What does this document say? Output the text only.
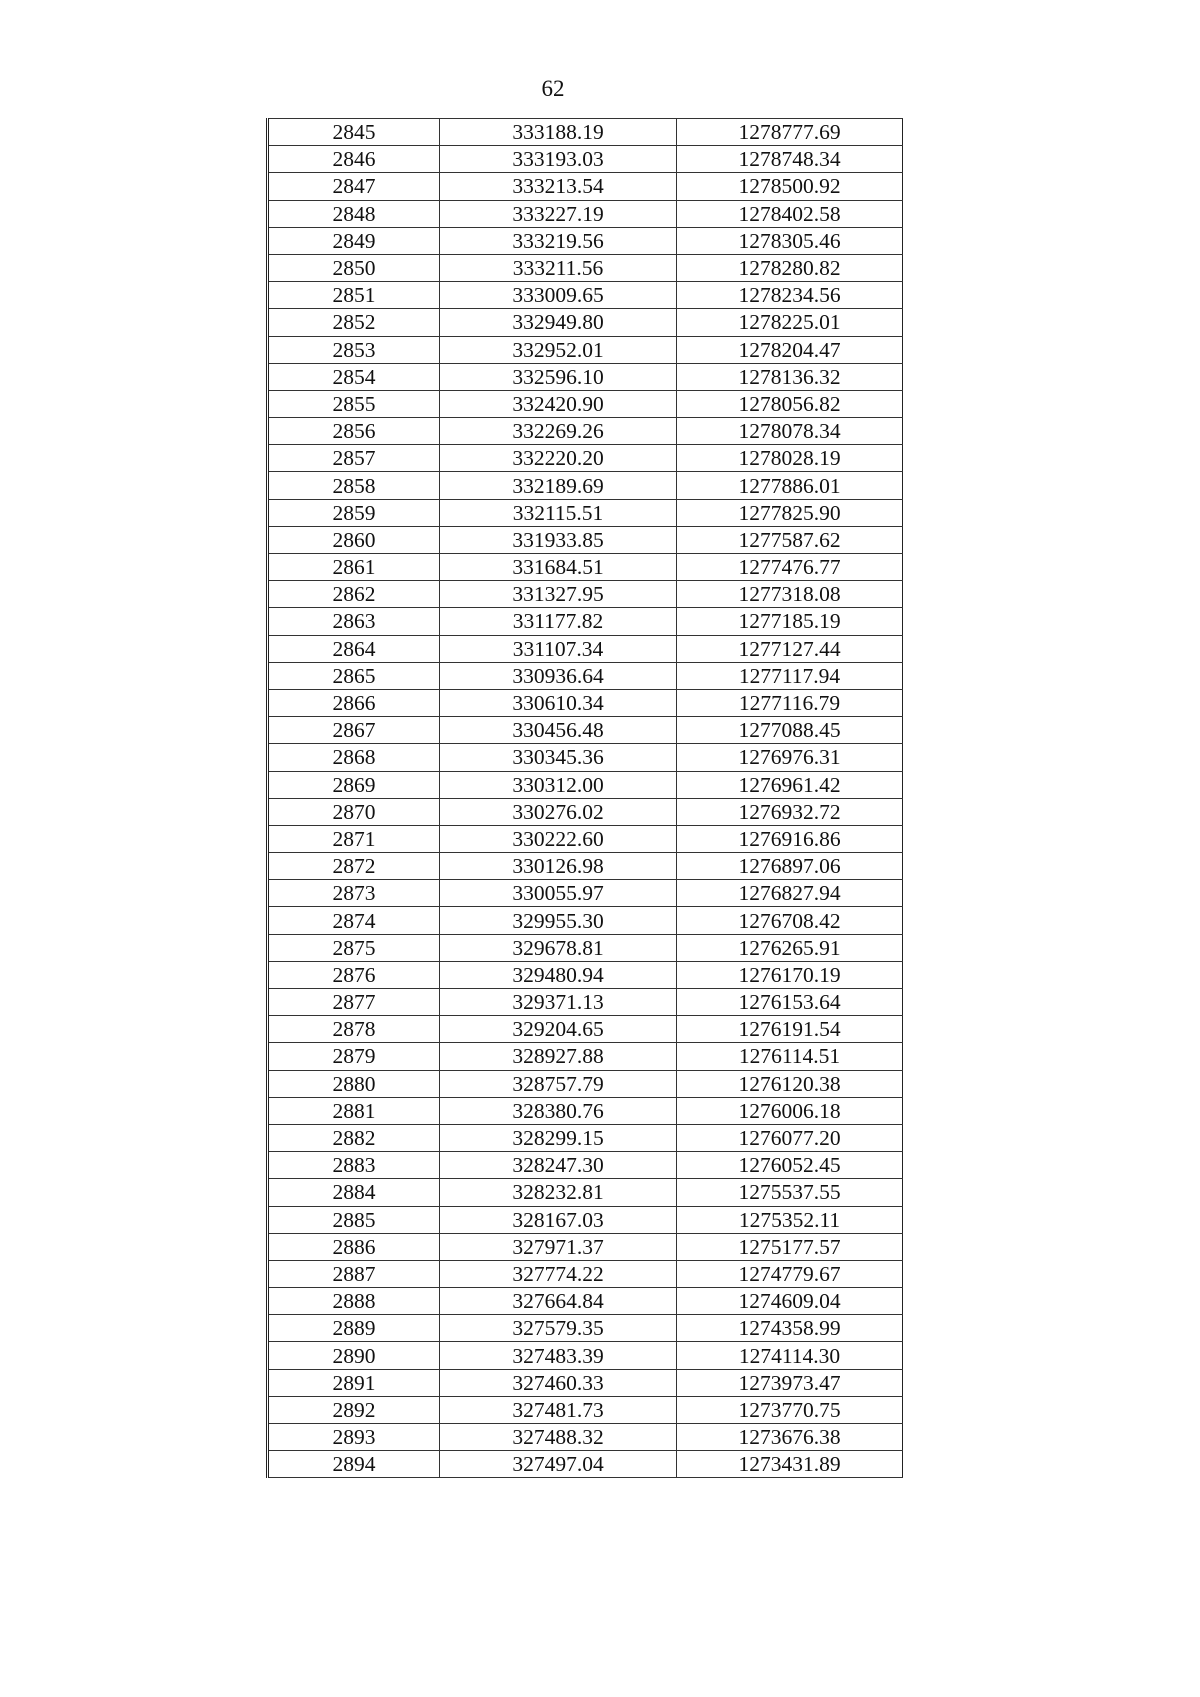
62
2845	333188.19	1278777.69
2846	333193.03	1278748.34
2847	333213.54	1278500.92
2848	333227.19	1278402.58
2849	333219.56	1278305.46
2850	333211.56	1278280.82
2851	333009.65	1278234.56
2852	332949.80	1278225.01
2853	332952.01	1278204.47
2854	332596.10	1278136.32
2855	332420.90	1278056.82
2856	332269.26	1278078.34
2857	332220.20	1278028.19
2858	332189.69	1277886.01
2859	332115.51	1277825.90
2860	331933.85	1277587.62
2861	331684.51	1277476.77
2862	331327.95	1277318.08
2863	331177.82	1277185.19
2864	331107.34	1277127.44
2865	330936.64	1277117.94
2866	330610.34	1277116.79
2867	330456.48	1277088.45
2868	330345.36	1276976.31
2869	330312.00	1276961.42
2870	330276.02	1276932.72
2871	330222.60	1276916.86
2872	330126.98	1276897.06
2873	330055.97	1276827.94
2874	329955.30	1276708.42
2875	329678.81	1276265.91
2876	329480.94	1276170.19
2877	329371.13	1276153.64
2878	329204.65	1276191.54
2879	328927.88	1276114.51
2880	328757.79	1276120.38
2881	328380.76	1276006.18
2882	328299.15	1276077.20
2883	328247.30	1276052.45
2884	328232.81	1275537.55
2885	328167.03	1275352.11
2886	327971.37	1275177.57
2887	327774.22	1274779.67
2888	327664.84	1274609.04
2889	327579.35	1274358.99
2890	327483.39	1274114.30
2891	327460.33	1273973.47
2892	327481.73	1273770.75
2893	327488.32	1273676.38
2894	327497.04	1273431.89
